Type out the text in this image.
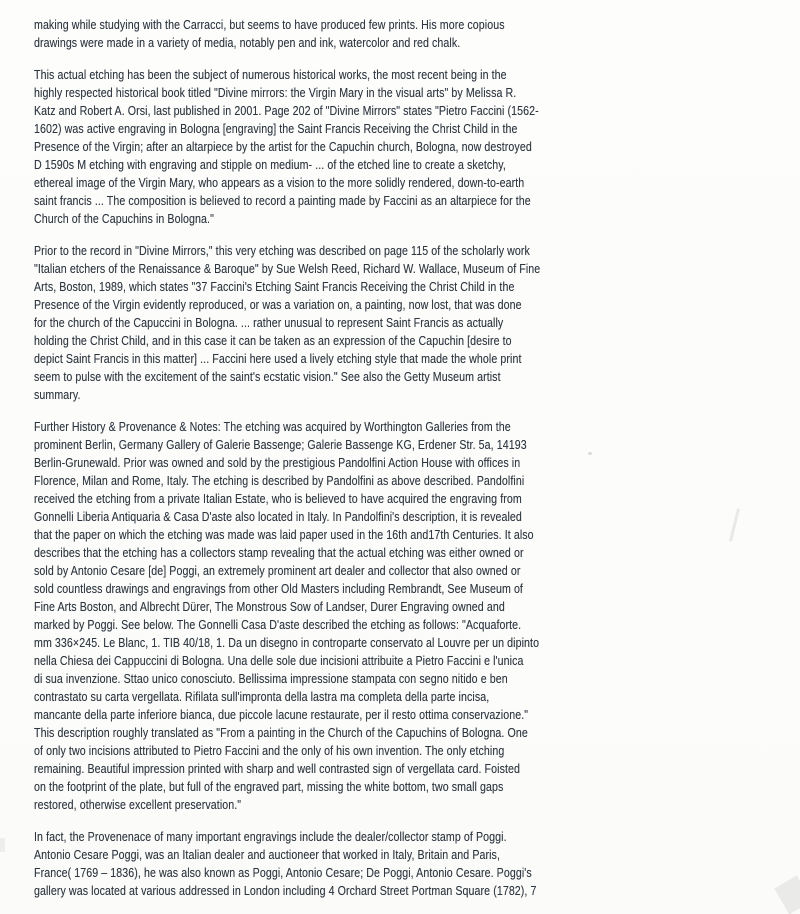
making while studying with the Carracci, but seems to have produced few prints. His more copious
drawings were made in a variety of media, notably pen and ink, watercolor and red chalk.
This actual etching has been the subject of numerous historical works, the most recent being in the
highly respected historical book titled "Divine mirrors: the Virgin Mary in the visual arts" by Melissa R.
Katz and Robert A. Orsi, last published in 2001. Page 202 of "Divine Mirrors" states "Pietro Faccini (1562-
1602) was active engraving in Bologna [engraving] the Saint Francis Receiving the Christ Child in the
Presence of the Virgin; after an altarpiece by the artist for the Capuchin church, Bologna, now destroyed
D 1590s M etching with engraving and stipple on medium- ... of the etched line to create a sketchy,
ethereal image of the Virgin Mary, who appears as a vision to the more solidly rendered, down-to-earth
saint francis ... The composition is believed to record a painting made by Faccini as an altarpiece for the
Church of the Capuchins in Bologna."
Prior to the record in "Divine Mirrors," this very etching was described on page 115 of the scholarly work
"Italian etchers of the Renaissance & Baroque" by Sue Welsh Reed, Richard W. Wallace, Museum of Fine
Arts, Boston, 1989, which states "37 Faccini's Etching Saint Francis Receiving the Christ Child in the
Presence of the Virgin evidently reproduced, or was a variation on, a painting, now lost, that was done
for the church of the Capuccini in Bologna. ... rather unusual to represent Saint Francis as actually
holding the Christ Child, and in this case it can be taken as an expression of the Capuchin [desire to
depict Saint Francis in this matter] ... Faccini here used a lively etching style that made the whole print
seem to pulse with the excitement of the saint's ecstatic vision." See also the Getty Museum artist
summary.
Further History & Provenance & Notes: The etching was acquired by Worthington Galleries from the
prominent Berlin, Germany Gallery of Galerie Bassenge; Galerie Bassenge KG, Erdener Str. 5a, 14193
Berlin-Grunewald. Prior was owned and sold by the prestigious Pandolfini Action House with offices in
Florence, Milan and Rome, Italy. The etching is described by Pandolfini as above described. Pandolfini
received the etching from a private Italian Estate, who is believed to have acquired the engraving from
Gonnelli Liberia Antiquaria & Casa D'aste also located in Italy. In Pandolfini's description, it is revealed
that the paper on which the etching was made was laid paper used in the 16th and17th Centuries. It also
describes that the etching has a collectors stamp revealing that the actual etching was either owned or
sold by Antonio Cesare [de] Poggi, an extremely prominent art dealer and collector that also owned or
sold countless drawings and engravings from other Old Masters including Rembrandt, See Museum of
Fine Arts Boston, and Albrecht Dürer, The Monstrous Sow of Landser, Durer Engraving owned and
marked by Poggi. See below. The Gonnelli Casa D'aste described the etching as follows: "Acquaforte.
mm 336×245. Le Blanc, 1. TIB 40/18, 1. Da un disegno in controparte conservato al Louvre per un dipinto
nella Chiesa dei Cappuccini di Bologna. Una delle sole due incisioni attribuite a Pietro Faccini e l'unica
di sua invenzione. Sttao unico conosciuto. Bellissima impressione stampata con segno nitido e ben
contrastato su carta vergellata. Rifilata sull'impronta della lastra ma completa della parte incisa,
mancante della parte inferiore bianca, due piccole lacune restaurate, per il resto ottima conservazione."
This description roughly translated as "From a painting in the Church of the Capuchins of Bologna. One
of only two incisions attributed to Pietro Faccini and the only of his own invention. The only etching
remaining. Beautiful impression printed with sharp and well contrasted sign of vergellata card. Foisted
on the footprint of the plate, but full of the engraved part, missing the white bottom, two small gaps
restored, otherwise excellent preservation."
In fact, the Provenenace of many important engravings include the dealer/collector stamp of Poggi.
Antonio Cesare Poggi, was an Italian dealer and auctioneer that worked in Italy, Britain and Paris,
France( 1769 – 1836), he was also known as Poggi, Antonio Cesare; De Poggi, Antonio Cesare. Poggi's
gallery was located at various addressed in London including 4 Orchard Street Portman Square (1782), 7
